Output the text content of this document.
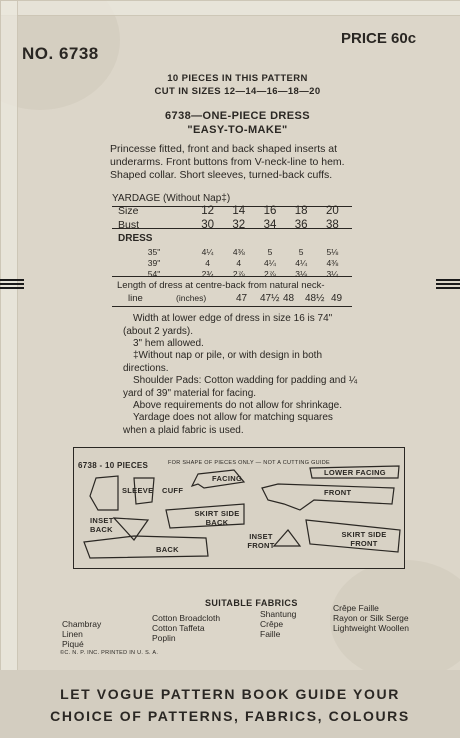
NO. 6738
PRICE 60c
10 PIECES IN THIS PATTERN
CUT IN SIZES 12—14—16—18—20
6738—ONE-PIECE DRESS
"EASY-TO-MAKE"
Princesse fitted, front and back shaped inserts at underarms. Front buttons from V-neck-line to hem. Shaped collar. Short sleeves, turned-back cuffs.
YARDAGE (Without Nap‡)
Size	12	14	16	18	20
Bust	30	32	34	36	38
DRESS					
35"	4¼	4⅜	5	5	5⅛
39"	4	4	4¼	4¼	4⅜
54"	2¾	2⅞	2⅞	3⅛	3¼
Length of dress at centre-back from natural neck-
line	(inches)	47 47½ 48 48½ 49
Width at lower edge of dress in size 16 is 74" (about 2 yards).
3" hem allowed.
‡Without nap or pile, or with design in both directions.
Shoulder Pads: Cotton wadding for padding and ¼ yard of 39" material for facing.
Above requirements do not allow for shrinkage.
Yardage does not allow for matching squares when a plaid fabric is used.
6738 - 10 PIECES	FOR SHAPE OF PIECES ONLY — NOT A CUTTING GUIDE
FACING
LOWER FACING
SLEEVE CUFF	FRONT
INSET BACK
SKIRT SIDE BACK
BACK
INSET FRONT
SKIRT SIDE FRONT
SUITABLE FABRICS
Chambray
Linen
Piqué
Cotton Broadcloth
Cotton Taffeta
Poplin
Shantung
Crêpe
Faille
Crêpe Faille
Rayon or Silk Serge
Lightweight Woollen
©C. N. P. INC. PRINTED IN U. S. A.
LET VOGUE PATTERN BOOK GUIDE YOUR
CHOICE OF PATTERNS, FABRICS, COLOURS
